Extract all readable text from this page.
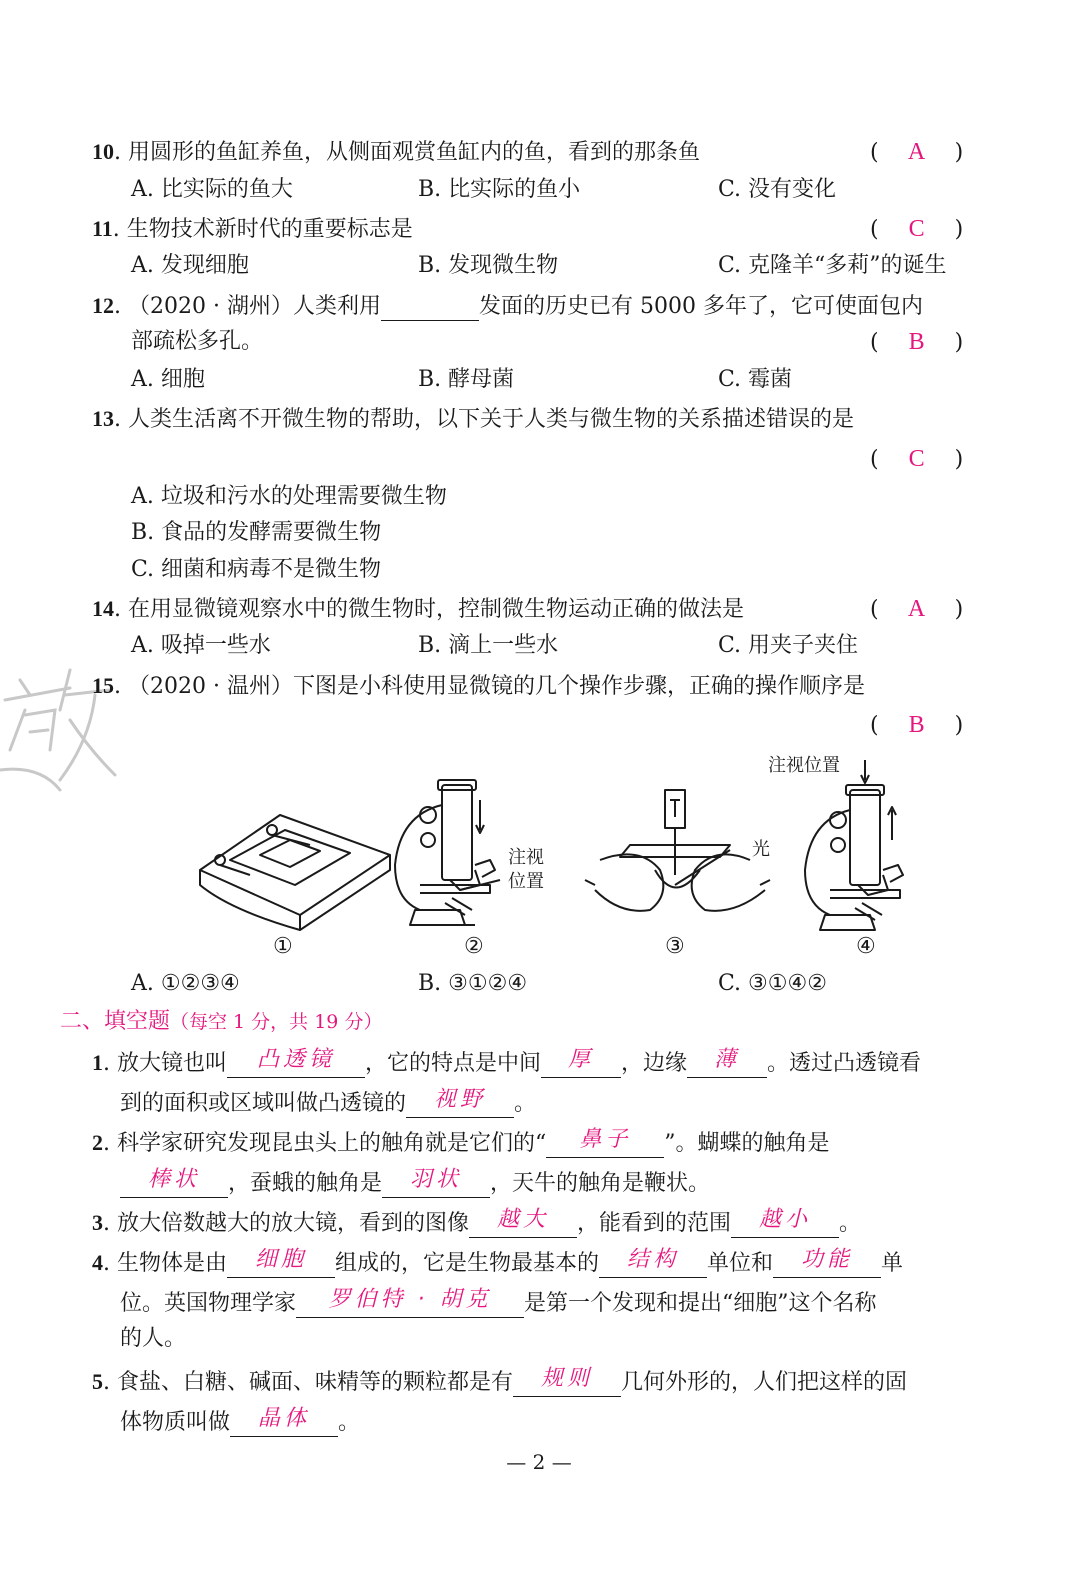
10. 用圆形的鱼缸养鱼，从侧面观赏鱼缸内的鱼，看到的那条鱼	( A )
A. 比实际的鱼大	B. 比实际的鱼小	C. 没有变化
11. 生物技术新时代的重要标志是	( C )
A. 发现细胞	B. 发现微生物	C. 克隆羊“多莉”的诞生
12. （2020 · 湖州）人类利用	发面的历史已有 5000 多年了，它可使面包内
部疏松多孔。	( B )
A. 细胞	B. 酵母菌	C. 霉菌
13. 人类生活离不开微生物的帮助，以下关于人类与微生物的关系描述错误的是
( C )
A. 垃圾和污水的处理需要微生物
B. 食品的发酵需要微生物
C. 细菌和病毒不是微生物
14. 在用显微镜观察水中的微生物时，控制微生物运动正确的做法是	( A )
A. 吸掉一些水	B. 滴上一些水	C. 用夹子夹住
15. （2020 · 温州）下图是小科使用显微镜的几个操作步骤，正确的操作顺序是
( B )
注视
位置
光
注视位置
①	②	③	④
A. ①②③④	B. ③①②④	C. ③①④②
二、填空题（每空 1 分，共 19 分）
1. 放大镜也叫 凸透镜 ，它的特点是中间 厚 ，边缘 薄 。透过凸透镜看
到的面积或区域叫做凸透镜的 视野 。
2. 科学家研究发现昆虫头上的触角就是它们的“ 鼻子 ”。蝴蝶的触角是
棒状 ，蚕蛾的触角是 羽状 ，天牛的触角是鞭状。
3. 放大倍数越大的放大镜，看到的图像 越大 ，能看到的范围 越小 。
4. 生物体是由 细胞 组成的，它是生物最基本的 结构 单位和 功能 单
位。英国物理学家 罗伯特 · 胡克 是第一个发现和提出“细胞”这个名称
的人。
5. 食盐、白糖、碱面、味精等的颗粒都是有 规则 几何外形的，人们把这样的固
体物质叫做 晶体 。
— 2 —
